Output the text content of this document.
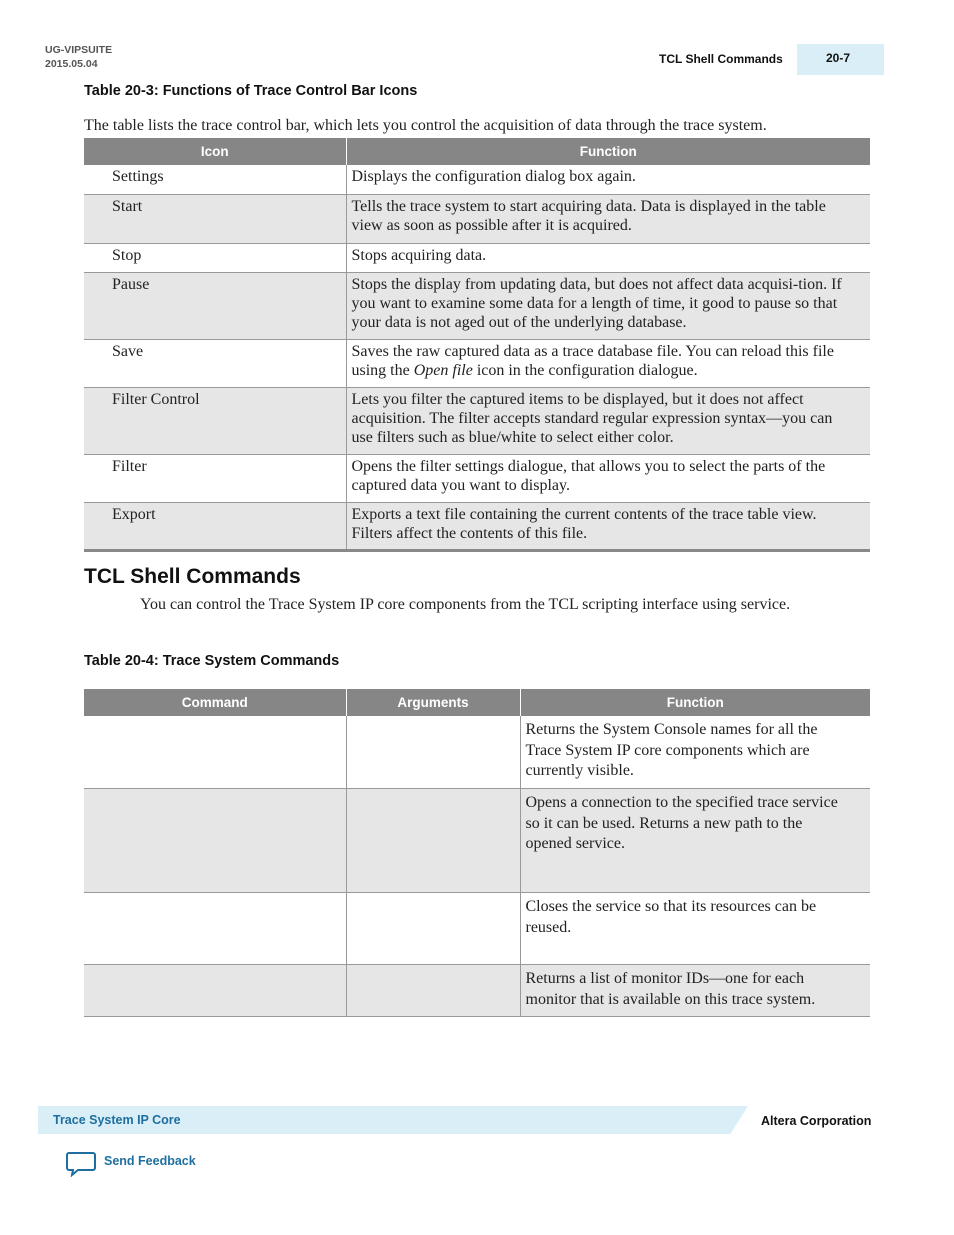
UG-VIPSUITE
2015.05.04	TCL Shell Commands	20-7
Table 20-3: Functions of Trace Control Bar Icons
The table lists the trace control bar, which lets you control the acquisition of data through the trace system.
Icon	Function
Settings	Displays the configuration dialog box again.
Start	Tells the trace system to start acquiring data. Data is displayed in the table view as soon as possible after it is acquired.
Stop	Stops acquiring data.
Pause	Stops the display from updating data, but does not affect data acquisi-tion. If you want to examine some data for a length of time, it good to pause so that your data is not aged out of the underlying database.
Save	Saves the raw captured data as a trace database file. You can reload this file using the Open file icon in the configuration dialogue.
Filter Control	Lets you filter the captured items to be displayed, but it does not affect acquisition. The filter accepts standard regular expression syntax—you can use filters such as blue/white to select either color.
Filter	Opens the filter settings dialogue, that allows you to select the parts of the captured data you want to display.
Export	Exports a text file containing the current contents of the trace table view. Filters affect the contents of this file.
TCL Shell Commands
You can control the Trace System IP core components from the TCL scripting interface using service.
Table 20-4: Trace System Commands
Command	Arguments	Function
		Returns the System Console names for all the Trace System IP core components which are currently visible.
		Opens a connection to the specified trace service so it can be used. Returns a new path to the opened service.
		Closes the service so that its resources can be reused.
		Returns a list of monitor IDs—one for each monitor that is available on this trace system.
Trace System IP Core	Altera Corporation
Send Feedback
